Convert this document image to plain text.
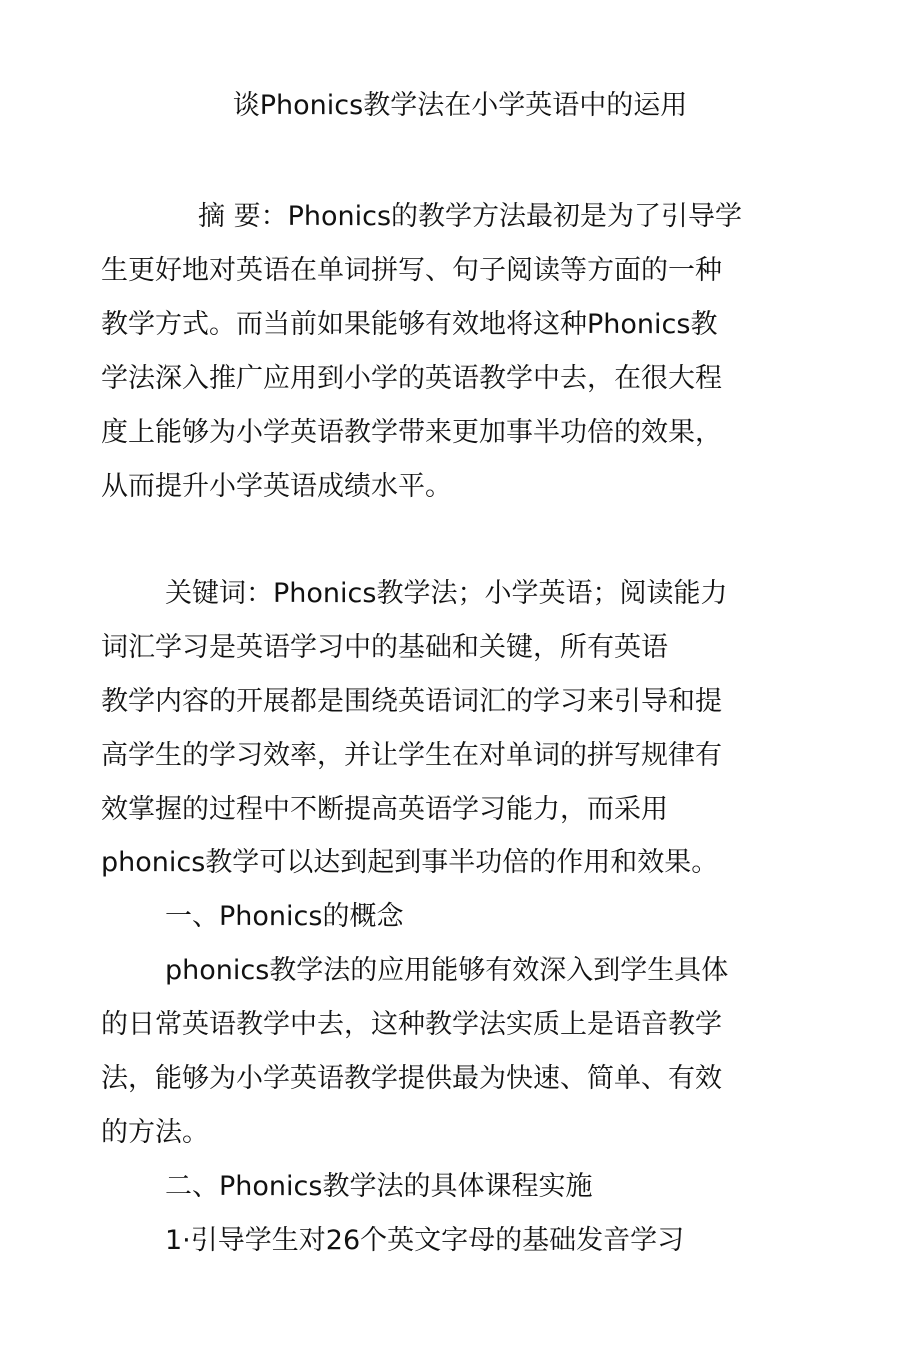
谈Phonics教学法在小学英语中的运用
摘 要：Phonics的教学方法最初是为了引导学
生更好地对英语在单词拼写、句子阅读等方面的一种
教学方式。而当前如果能够有效地将这种Phonics教
学法深入推广应用到小学的英语教学中去，在很大程
度上能够为小学英语教学带来更加事半功倍的效果，
从而提升小学英语成绩水平。
关键词：Phonics教学法；小学英语；阅读能力
词汇学习是英语学习中的基础和关键，所有英语
教学内容的开展都是围绕英语词汇的学习来引导和提
高学生的学习效率，并让学生在对单词的拼写规律有
效掌握的过程中不断提高英语学习能力，而采用
phonics教学可以达到起到事半功倍的作用和效果。
一、Phonics的概念
phonics教学法的应用能够有效深入到学生具体
的日常英语教学中去，这种教学法实质上是语音教学
法，能够为小学英语教学提供最为快速、简单、有效
的方法。
二、Phonics教学法的具体课程实施
1·引导学生对26个英文字母的基础发音学习
